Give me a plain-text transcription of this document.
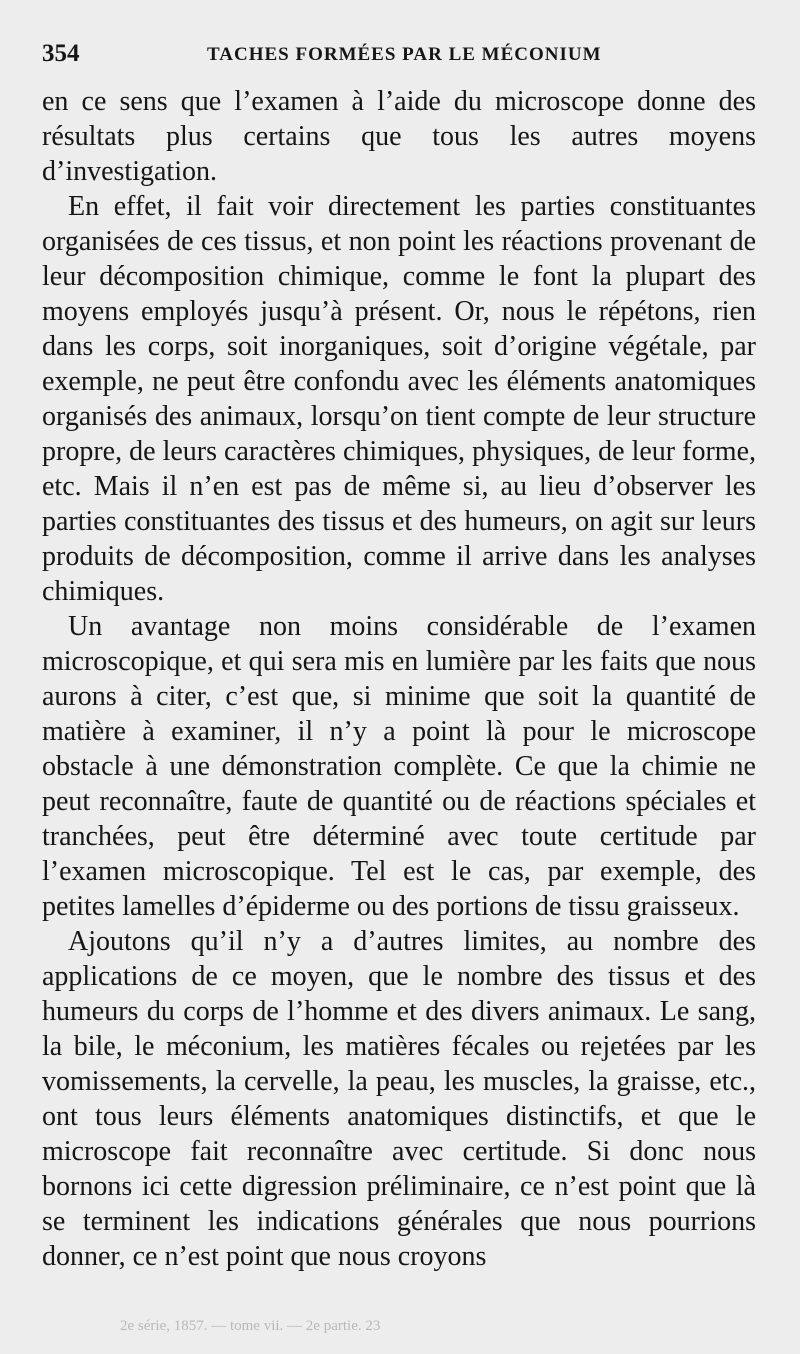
354	TACHES FORMÉES PAR LE MÉCONIUM

en ce sens que l’examen à l’aide du microscope donne des résultats plus certains que tous les autres moyens d’investigation.

En effet, il fait voir directement les parties constituantes organisées de ces tissus, et non point les réactions provenant de leur décomposition chimique, comme le font la plupart des moyens employés jusqu’à présent. Or, nous le répétons, rien dans les corps, soit inorganiques, soit d’origine végétale, par exemple, ne peut être confondu avec les éléments anatomiques organisés des animaux, lorsqu’on tient compte de leur structure propre, de leurs caractères chimiques, physiques, de leur forme, etc. Mais il n’en est pas de même si, au lieu d’observer les parties constituantes des tissus et des humeurs, on agit sur leurs produits de décomposition, comme il arrive dans les analyses chimiques.

Un avantage non moins considérable de l’examen microscopique, et qui sera mis en lumière par les faits que nous aurons à citer, c’est que, si minime que soit la quantité de matière à examiner, il n’y a point là pour le microscope obstacle à une démonstration complète. Ce que la chimie ne peut reconnaître, faute de quantité ou de réactions spéciales et tranchées, peut être déterminé avec toute certitude par l’examen microscopique. Tel est le cas, par exemple, des petites lamelles d’épiderme ou des portions de tissu graisseux.

Ajoutons qu’il n’y a d’autres limites, au nombre des applications de ce moyen, que le nombre des tissus et des humeurs du corps de l’homme et des divers animaux. Le sang, la bile, le méconium, les matières fécales ou rejetées par les vomissements, la cervelle, la peau, les muscles, la graisse, etc., ont tous leurs éléments anatomiques distinctifs, et que le microscope fait reconnaître avec certitude. Si donc nous bornons ici cette digression préliminaire, ce n’est point que là se terminent les indications générales que nous pourrions donner, ce n’est point que nous croyons

2e série, 1857. — tome vii. — 2e partie. 23
